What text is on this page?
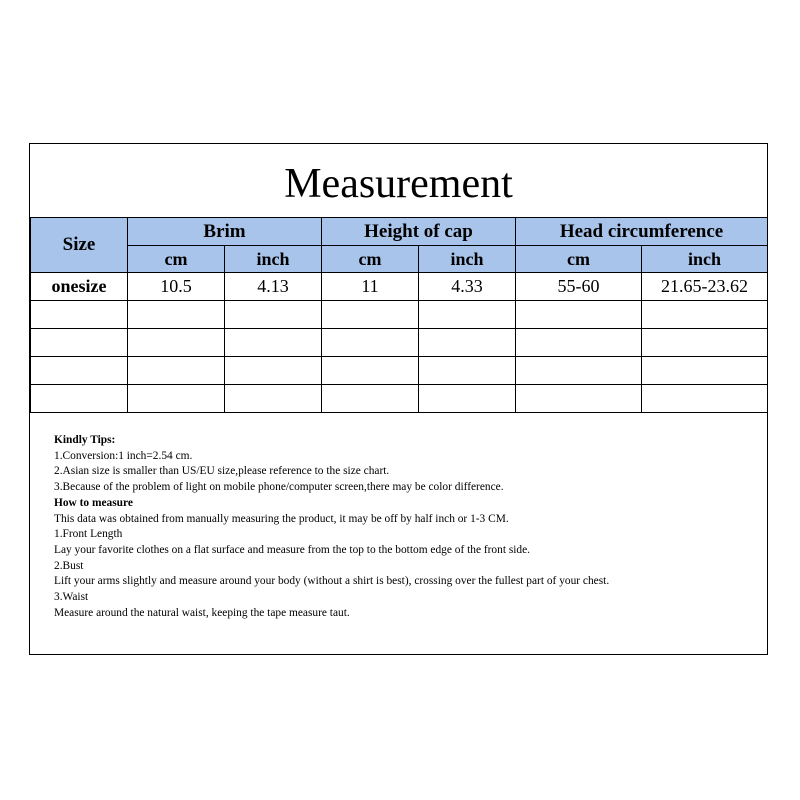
Measurement
Size	Brim		Height of cap		Head circumference	
	cm	inch	cm	inch	cm	inch
onesize	10.5	4.13	11	4.33	55-60	21.65-23.62

Kindly Tips:
1.Conversion:1 inch=2.54 cm.
2.Asian size is smaller than US/EU size,please reference to the size chart.
3.Because of the problem of light on mobile phone/computer screen,there may be color difference.
How to measure
This data was obtained from manually measuring the product, it may be off by half inch or 1-3 CM.
1.Front Length
Lay your favorite clothes on a flat surface and measure from the top to the bottom edge of the front side.
2.Bust
Lift your arms slightly and measure around your body (without a shirt is best), crossing over the fullest part of your chest.
3.Waist
Measure around the natural waist, keeping the tape measure taut.
